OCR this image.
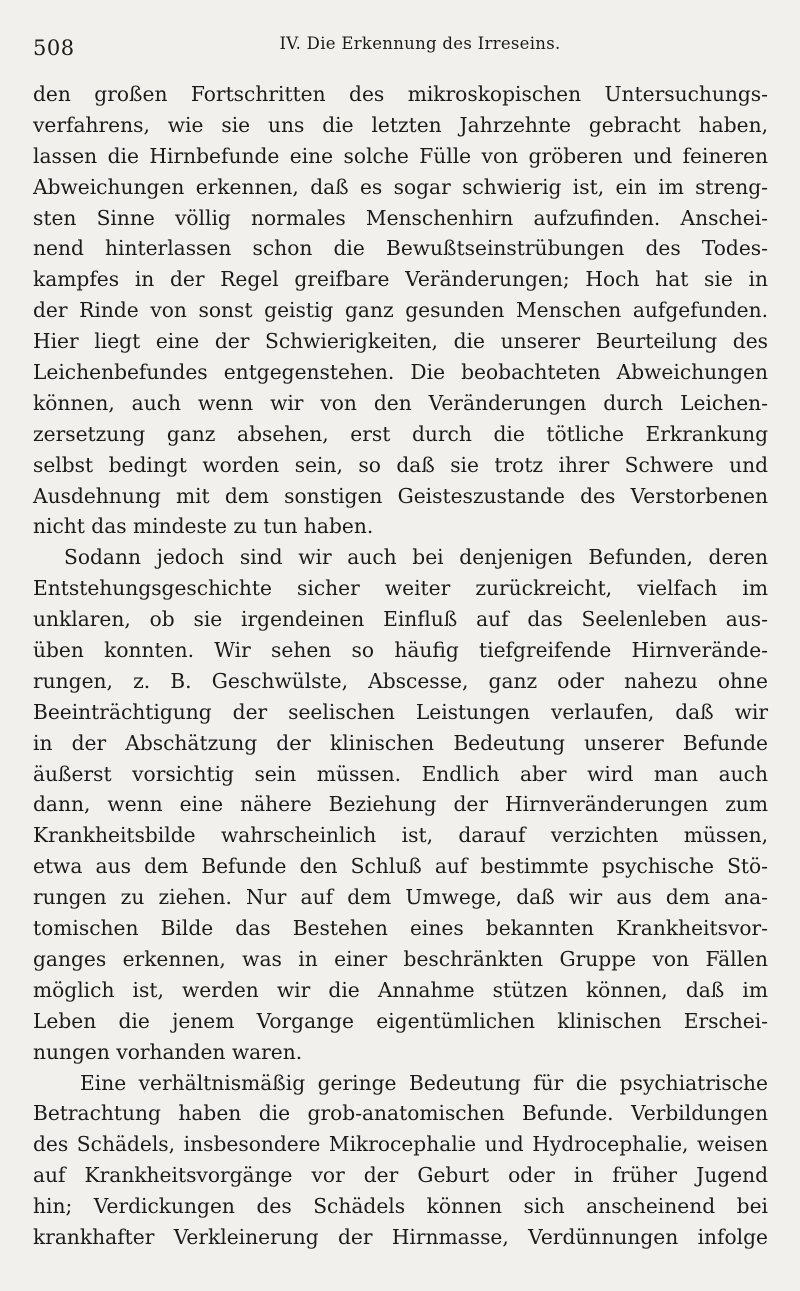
508	IV. Die Erkennung des Irreseins.
den großen Fortschritten des mikroskopischen Untersuchungs-
verfahrens, wie sie uns die letzten Jahrzehnte gebracht haben,
lassen die Hirnbefunde eine solche Fülle von gröberen und feineren
Abweichungen erkennen, daß es sogar schwierig ist, ein im streng-
sten Sinne völlig normales Menschenhirn aufzufinden. Anschei-
nend hinterlassen schon die Bewußtseinstrübungen des Todes-
kampfes in der Regel greifbare Veränderungen; Hoch hat sie in
der Rinde von sonst geistig ganz gesunden Menschen aufgefunden.
Hier liegt eine der Schwierigkeiten, die unserer Beurteilung des
Leichenbefundes entgegenstehen. Die beobachteten Abweichungen
können, auch wenn wir von den Veränderungen durch Leichen-
zersetzung ganz absehen, erst durch die tötliche Erkrankung
selbst bedingt worden sein, so daß sie trotz ihrer Schwere und
Ausdehnung mit dem sonstigen Geisteszustande des Verstorbenen
nicht das mindeste zu tun haben.
Sodann jedoch sind wir auch bei denjenigen Befunden, deren
Entstehungsgeschichte sicher weiter zurückreicht, vielfach im
unklaren, ob sie irgendeinen Einfluß auf das Seelenleben aus-
üben konnten. Wir sehen so häufig tiefgreifende Hirnverände-
rungen, z. B. Geschwülste, Abscesse, ganz oder nahezu ohne
Beeinträchtigung der seelischen Leistungen verlaufen, daß wir
in der Abschätzung der klinischen Bedeutung unserer Befunde
äußerst vorsichtig sein müssen. Endlich aber wird man auch
dann, wenn eine nähere Beziehung der Hirnveränderungen zum
Krankheitsbilde wahrscheinlich ist, darauf verzichten müssen,
etwa aus dem Befunde den Schluß auf bestimmte psychische Stö-
rungen zu ziehen. Nur auf dem Umwege, daß wir aus dem ana-
tomischen Bilde das Bestehen eines bekannten Krankheitsvor-
ganges erkennen, was in einer beschränkten Gruppe von Fällen
möglich ist, werden wir die Annahme stützen können, daß im
Leben die jenem Vorgange eigentümlichen klinischen Erschei-
nungen vorhanden waren.
Eine verhältnismäßig geringe Bedeutung für die psychiatrische
Betrachtung haben die grob-anatomischen Befunde. Verbildungen
des Schädels, insbesondere Mikrocephalie und Hydrocephalie, weisen
auf Krankheitsvorgänge vor der Geburt oder in früher Jugend
hin; Verdickungen des Schädels können sich anscheinend bei
krankhafter Verkleinerung der Hirnmasse, Verdünnungen infolge
